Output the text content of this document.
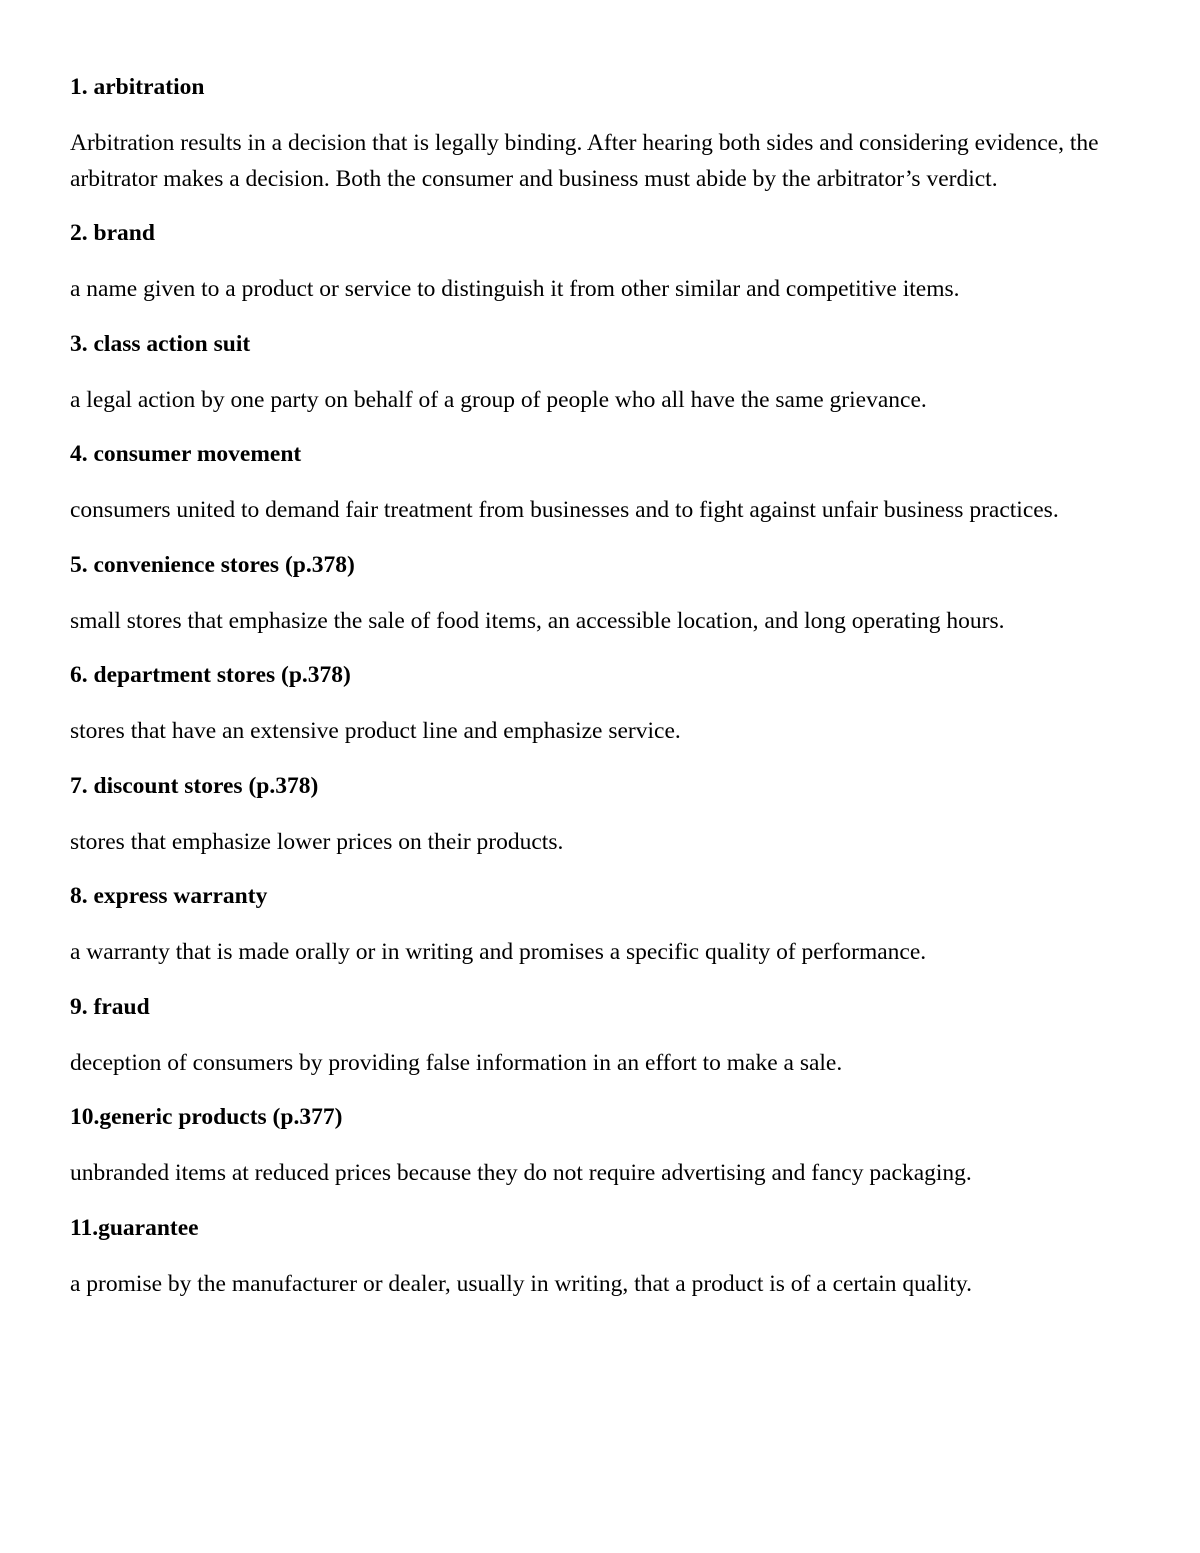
1. arbitration

Arbitration results in a decision that is legally binding. After hearing both sides and considering evidence, the arbitrator makes a decision. Both the consumer and business must abide by the arbitrator’s verdict.

2. brand

a name given to a product or service to distinguish it from other similar and competitive items.

3. class action suit

a legal action by one party on behalf of a group of people who all have the same grievance.

4. consumer movement

consumers united to demand fair treatment from businesses and to fight against unfair business practices.

5. convenience stores (p.378)

small stores that emphasize the sale of food items, an accessible location, and long operating hours.

6. department stores (p.378)

stores that have an extensive product line and emphasize service.

7. discount stores (p.378)

stores that emphasize lower prices on their products.

8. express warranty

a warranty that is made orally or in writing and promises a specific quality of performance.

9. fraud

deception of consumers by providing false information in an effort to make a sale.

10.generic products (p.377)

unbranded items at reduced prices because they do not require advertising and fancy packaging.

11.guarantee

a promise by the manufacturer or dealer, usually in writing, that a product is of a certain quality.
